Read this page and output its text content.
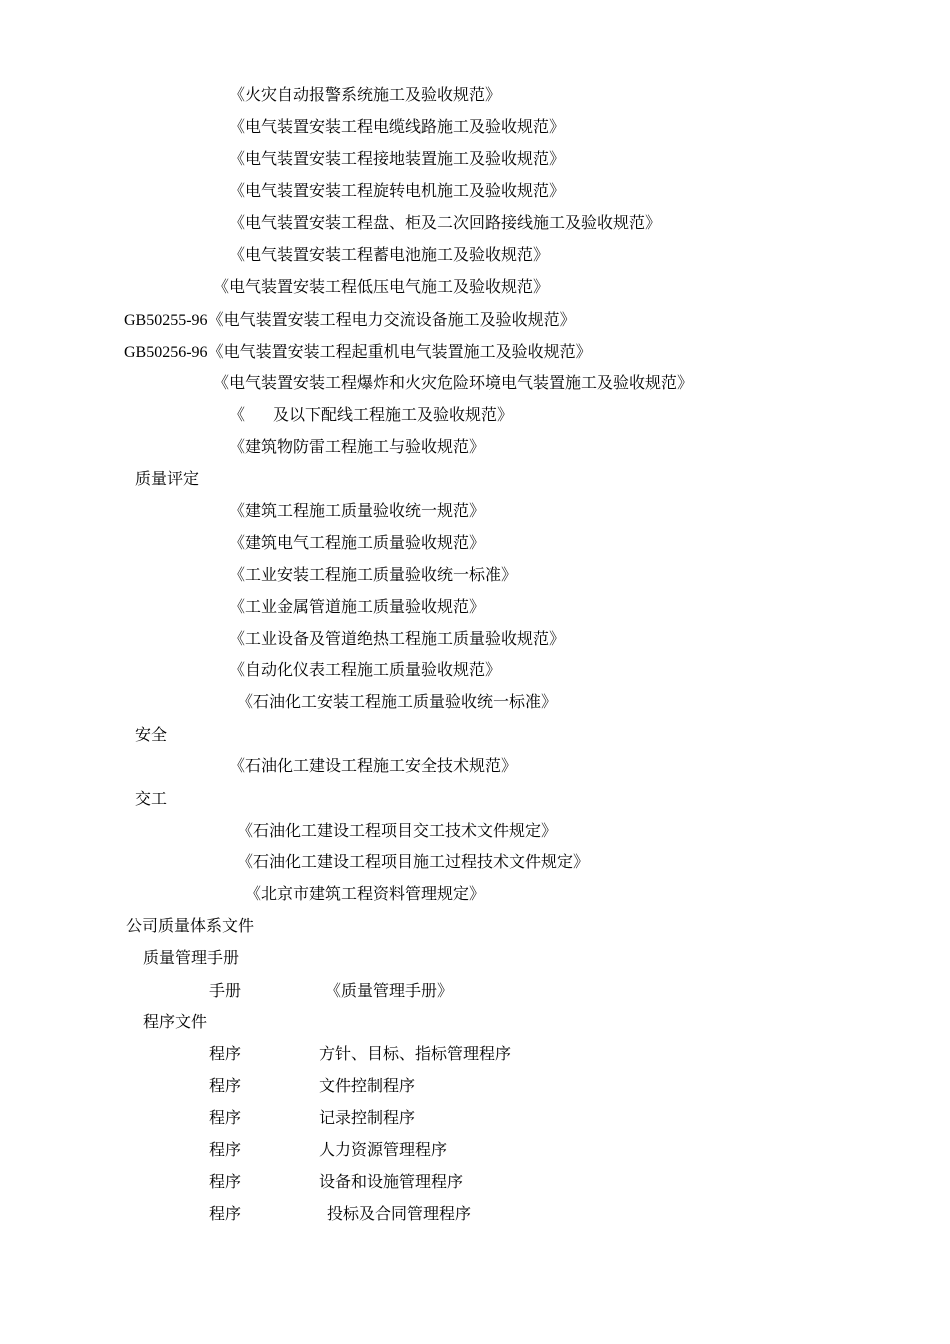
《火灾自动报警系统施工及验收规范》
《电气装置安装工程电缆线路施工及验收规范》
《电气装置安装工程接地装置施工及验收规范》
《电气装置安装工程旋转电机施工及验收规范》
《电气装置安装工程盘、柜及二次回路接线施工及验收规范》
《电气装置安装工程蓄电池施工及验收规范》
《电气装置安装工程低压电气施工及验收规范》
GB50255-96《电气装置安装工程电力交流设备施工及验收规范》
GB50256-96《电气装置安装工程起重机电气装置施工及验收规范》
《电气装置安装工程爆炸和火灾危险环境电气装置施工及验收规范》
《 及以下配线工程施工及验收规范》
《建筑物防雷工程施工与验收规范》
质量评定
《建筑工程施工质量验收统一规范》
《建筑电气工程施工质量验收规范》
《工业安装工程施工质量验收统一标准》
《工业金属管道施工质量验收规范》
《工业设备及管道绝热工程施工质量验收规范》
《自动化仪表工程施工质量验收规范》
《石油化工安装工程施工质量验收统一标准》
安全
《石油化工建设工程施工安全技术规范》
交工
《石油化工建设工程项目交工技术文件规定》
《石油化工建设工程项目施工过程技术文件规定》
《北京市建筑工程资料管理规定》
公司质量体系文件
质量管理手册
手册	《质量管理手册》
程序文件
程序	方针、目标、指标管理程序
程序	文件控制程序
程序	记录控制程序
程序	人力资源管理程序
程序	设备和设施管理程序
程序	投标及合同管理程序
